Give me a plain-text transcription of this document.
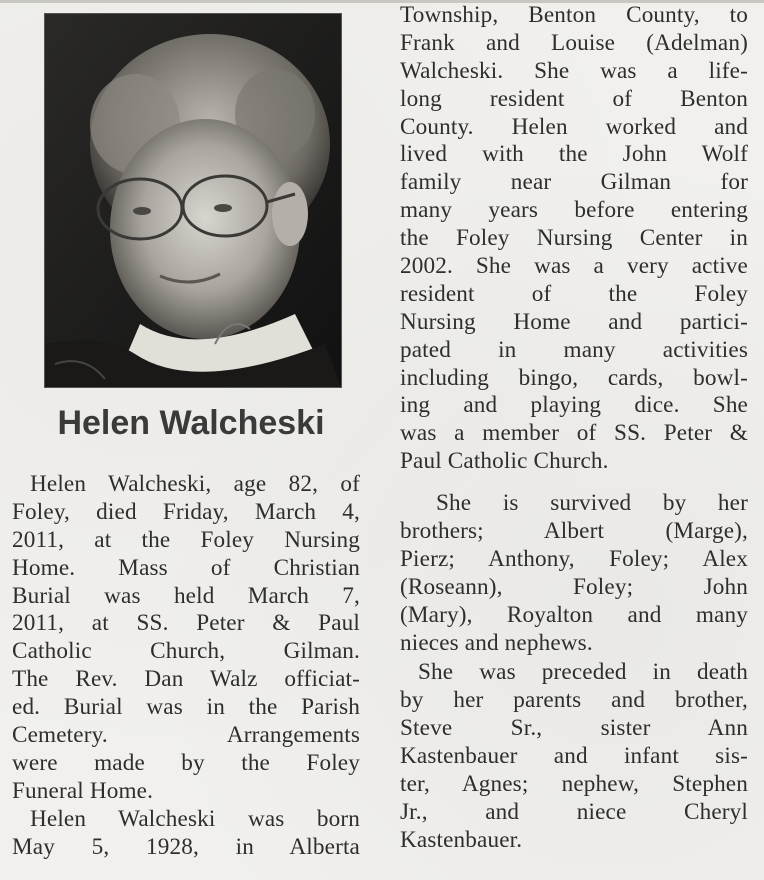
Helen Walcheski
Helen Walcheski, age 82, of
Foley, died Friday, March 4,
2011, at the Foley Nursing
Home. Mass of Christian
Burial was held March 7,
2011, at SS. Peter & Paul
Catholic Church, Gilman.
The Rev. Dan Walz officiat-
ed. Burial was in the Parish
Cemetery. Arrangements
were made by the Foley
Funeral Home.
Helen Walcheski was born
May 5, 1928, in Alberta
Township, Benton County, to
Frank and Louise (Adelman)
Walcheski. She was a life-
long resident of Benton
County. Helen worked and
lived with the John Wolf
family near Gilman for
many years before entering
the Foley Nursing Center in
2002. She was a very active
resident of the Foley
Nursing Home and partici-
pated in many activities
including bingo, cards, bowl-
ing and playing dice. She
was a member of SS. Peter &
Paul Catholic Church.
She is survived by her
brothers; Albert (Marge),
Pierz; Anthony, Foley; Alex
(Roseann), Foley; John
(Mary), Royalton and many
nieces and nephews.
She was preceded in death
by her parents and brother,
Steve Sr., sister Ann
Kastenbauer and infant sis-
ter, Agnes; nephew, Stephen
Jr., and niece Cheryl
Kastenbauer.
